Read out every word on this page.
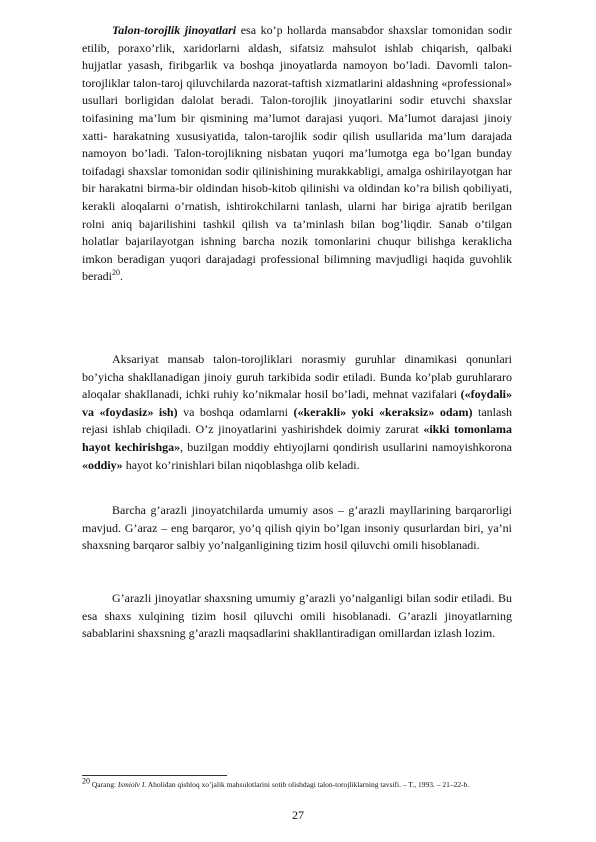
Talon-torojlik jinoyatlari esa ko’p hollarda mansabdor shaxslar tomonidan sodir etilib, poraxo’rlik, xaridorlarni aldash, sifatsiz mahsulot ishlab chiqarish, qalbaki hujjatlar yasash, firibgarlik va boshqa jinoyatlarda namoyon bo’ladi. Davomli talon-torojliklar talon-taroj qiluvchilarda nazorat-taftish xizmatlarini aldashning «professional» usullari borligidan dalolat beradi. Talon-torojlik jinoyatlarini sodir etuvchi shaxslar toifasining ma’lum bir qismining ma’lumot darajasi yuqori. Ma’lumot darajasi jinoiy xatti- harakatning xususiyatida, talon-tarojlik sodir qilish usullarida ma’lum darajada namoyon bo’ladi. Talon-torojlikning nisbatan yuqori ma’lumotga ega bo’lgan bunday toifadagi shaxslar tomonidan sodir qilinishining murakkabligi, amalga oshirilayotgan har bir harakatni birma-bir oldindan hisob-kitob qilinishi va oldindan ko’ra bilish qobiliyati, kerakli aloqalarni o’rnatish, ishtirokchilarni tanlash, ularni har biriga ajratib berilgan rolni aniq bajarilishini tashkil qilish va ta’minlash bilan bog’liqdir. Sanab o’tilgan holatlar bajarilayotgan ishning barcha nozik tomonlarini chuqur bilishga keraklicha imkon beradigan yuqori darajadagi professional bilimning mavjudligi haqida guvohlik beradi$^{20}$.

Aksariyat mansab talon-torojliklari norasmiy guruhlar dinamikasi qonunlari bo’yicha shakllanadigan jinoiy guruh tarkibida sodir etiladi. Bunda ko’plab guruhlararo aloqalar shakllanadi, ichki ruhiy ko’nikmalar hosil bo’ladi, mehnat vazifalari («foydali» va «foydasiz» ish) va boshqa odamlarni («kerakli» yoki «keraksiz» odam) tanlash rejasi ishlab chiqiladi. O’z jinoyatlarini yashirishdek doimiy zarurat «ikki tomonlama hayot kechirishga», buzilgan moddiy ehtiyojlarni qondirish usullarini namoyishkorona «oddiy» hayot ko’rinishlari bilan niqoblashga olib keladi.

Barcha g’arazli jinoyatchilarda umumiy asos – g’arazli mayllarining barqarorligi mavjud. G’araz – eng barqaror, yo’q qilish qiyin bo’lgan insoniy qusurlardan biri, ya’ni shaxsning barqaror salbiy yo’nalganligining tizim hosil qiluvchi omili hisoblanadi.

G’arazli jinoyatlar shaxsning umumiy g’arazli yo’nalganligi bilan sodir etiladi. Bu esa shaxs xulqining tizim hosil qiluvchi omili hisoblanadi. G’arazli jinoyatlarning sabablarini shaxsning g’arazli maqsadlarini shakllantiradigan omillardan izlash lozim.

$^{20}$ Qarang: Ismiolv I. Aholidan qishloq xo’jalik mahsulotlarini sotib olishdagi talon-torojliklarning tavsifi. – T., 1993. – 21–22-b.

27
